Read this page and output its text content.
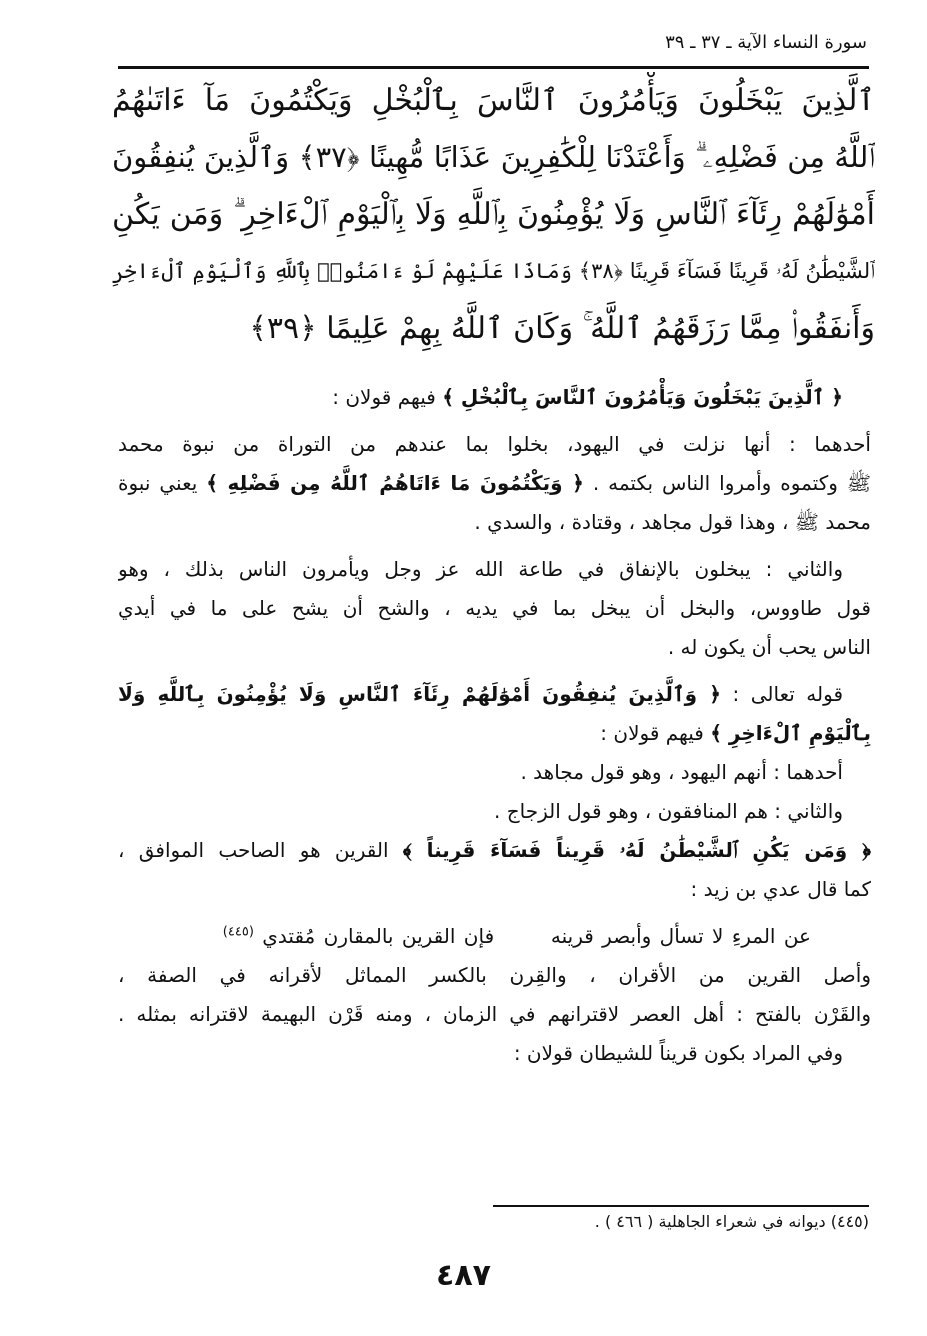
سورة النساء الآية ـ ٣٧ ـ ٣٩
ٱلَّذِينَ يَبْخَلُونَ وَيَأْمُرُونَ ٱلنَّاسَ بِٱلْبُخْلِ وَيَكْتُمُونَ مَآ ءَاتَىٰهُمُ
ٱللَّهُ مِن فَضْلِهِۦ ۗ وَأَعْتَدْنَا لِلْكَٰفِرِينَ عَذَابًا مُّهِينًا ﴿٣٧﴾ وَٱلَّذِينَ يُنفِقُونَ
أَمْوَٰلَهُمْ رِئَآءَ ٱلنَّاسِ وَلَا يُؤْمِنُونَ بِٱللَّهِ وَلَا بِٱلْيَوْمِ ٱلْءَاخِرِ ۗ وَمَن يَكُنِ
ٱلشَّيْطَٰنُ لَهُۥ قَرِينًا فَسَآءَ قَرِينًا ﴿٣٨﴾ وَمَاذَا عَلَيْهِمْ لَوْ ءَامَنُوا۟ بِٱللَّهِ وَٱلْيَوْمِ ٱلْءَاخِرِ
وَأَنفَقُوا۟ مِمَّا رَزَقَهُمُ ٱللَّهُ ۚ وَكَانَ ٱللَّهُ بِهِمْ عَلِيمًا ﴿٣٩﴾
﴿ ٱلَّذِينَ يَبْخَلُونَ وَيَأْمُرُونَ ٱلنَّاسَ بِٱلْبُخْلِ ﴾ فيهم قولان :
أحدهما : أنها نزلت في اليهود، بخلوا بما عندهم من التوراة من نبوة محمد
ﷺ وكتموه وأمروا الناس بكتمه . ﴿ وَيَكْتُمُونَ مَا ءَاتَاهُمُ ٱللَّهُ مِن فَضْلِهِ ﴾ يعني نبوة
محمد ﷺ ، وهذا قول مجاهد ، وقتادة ، والسدي .
والثاني : يبخلون بالإنفاق في طاعة الله عز وجل ويأمرون الناس بذلك ، وهو
قول طاووس، والبخل أن يبخل بما في يديه ، والشح أن يشح على ما في أيدي
الناس يحب أن يكون له .
قوله تعالى : ﴿ وَٱلَّذِينَ يُنفِقُونَ أَمْوَٰلَهُمْ رِئَآءَ ٱلنَّاسِ وَلَا يُؤْمِنُونَ بِٱللَّهِ وَلَا
بِٱلْيَوْمِ ٱلْءَاخِرِ ﴾ فيهم قولان :
أحدهما : أنهم اليهود ، وهو قول مجاهد .
والثاني : هم المنافقون ، وهو قول الزجاج .
﴿ وَمَن يَكُنِ ٱلشَّيْطَٰنُ لَهُۥ قَرِيناً فَسَآءَ قَرِيناً ﴾ القرين هو الصاحب الموافق ،
كما قال عدي بن زيد :
عن المرءِ لا تسأل وأبصر قرينه  فإن القرين بالمقارن مُقتدي $^{(٤٤٥)}$
وأصل القرين من الأقران ، والقِرن بالكسر المماثل لأقرانه في الصفة ،
والقَرْن بالفتح : أهل العصر لاقترانهم في الزمان ، ومنه قَرْن البهيمة لاقترانه بمثله .
وفي المراد بكون قريناً للشيطان قولان :
(٤٤٥) ديوانه في شعراء الجاهلية ( ٤٦٦ ) .
٤٨٧
